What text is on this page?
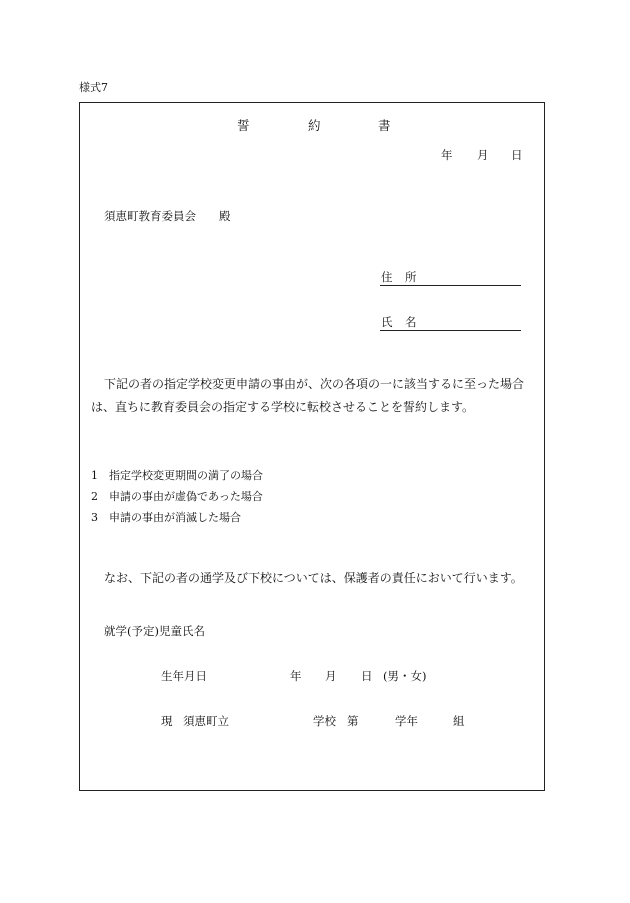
様式7
誓	約	書
年 月 日
須恵町教育委員会 殿
住 所
氏 名
下記の者の指定学校変更申請の事由が、次の各項の一に該当するに至った場合
は、直ちに教育委員会の指定する学校に転校させることを誓約します。
1 指定学校変更期間の満了の場合
2 申請の事由が虚偽であった場合
3 申請の事由が消滅した場合
なお、下記の者の通学及び下校については、保護者の責任において行います。
就学(予定)児童氏名
生年月日	年 月 日 (男・女)
現 須恵町立	学校 第	学年	組
